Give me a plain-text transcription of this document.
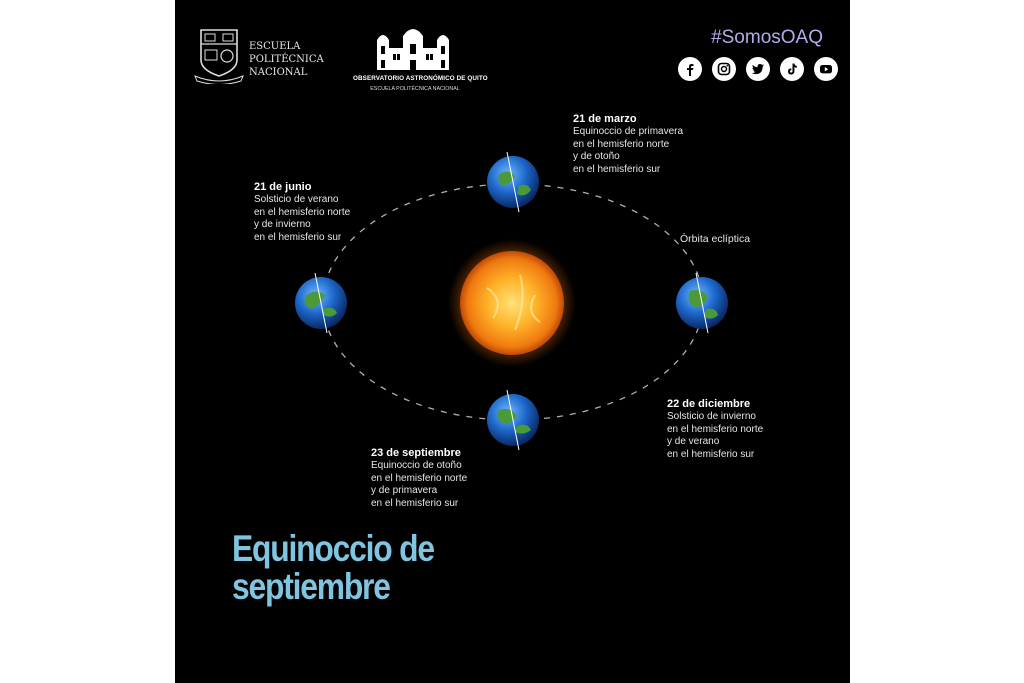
ESCUELA
POLITÉCNICA
NACIONAL
OBSERVATORIO ASTRONÓMICO DE QUITO
ESCUELA POLITÉCNICA NACIONAL
#SomosOAQ
21 de marzo
Equinoccio de primavera
en el hemisferio norte
y de otoño
en el hemisferio sur
21 de junio
Solsticio de verano
en el hemisferio norte
y de invierno
en el hemisferio sur	Órbita eclíptica
22 de diciembre
Solsticio de invierno
en el hemisferio norte
y de verano
en el hemisferio sur
23 de septiembre
Equinoccio de otoño
en el hemisferio norte
y de primavera
en el hemisferio sur
Equinoccio de
septiembre
